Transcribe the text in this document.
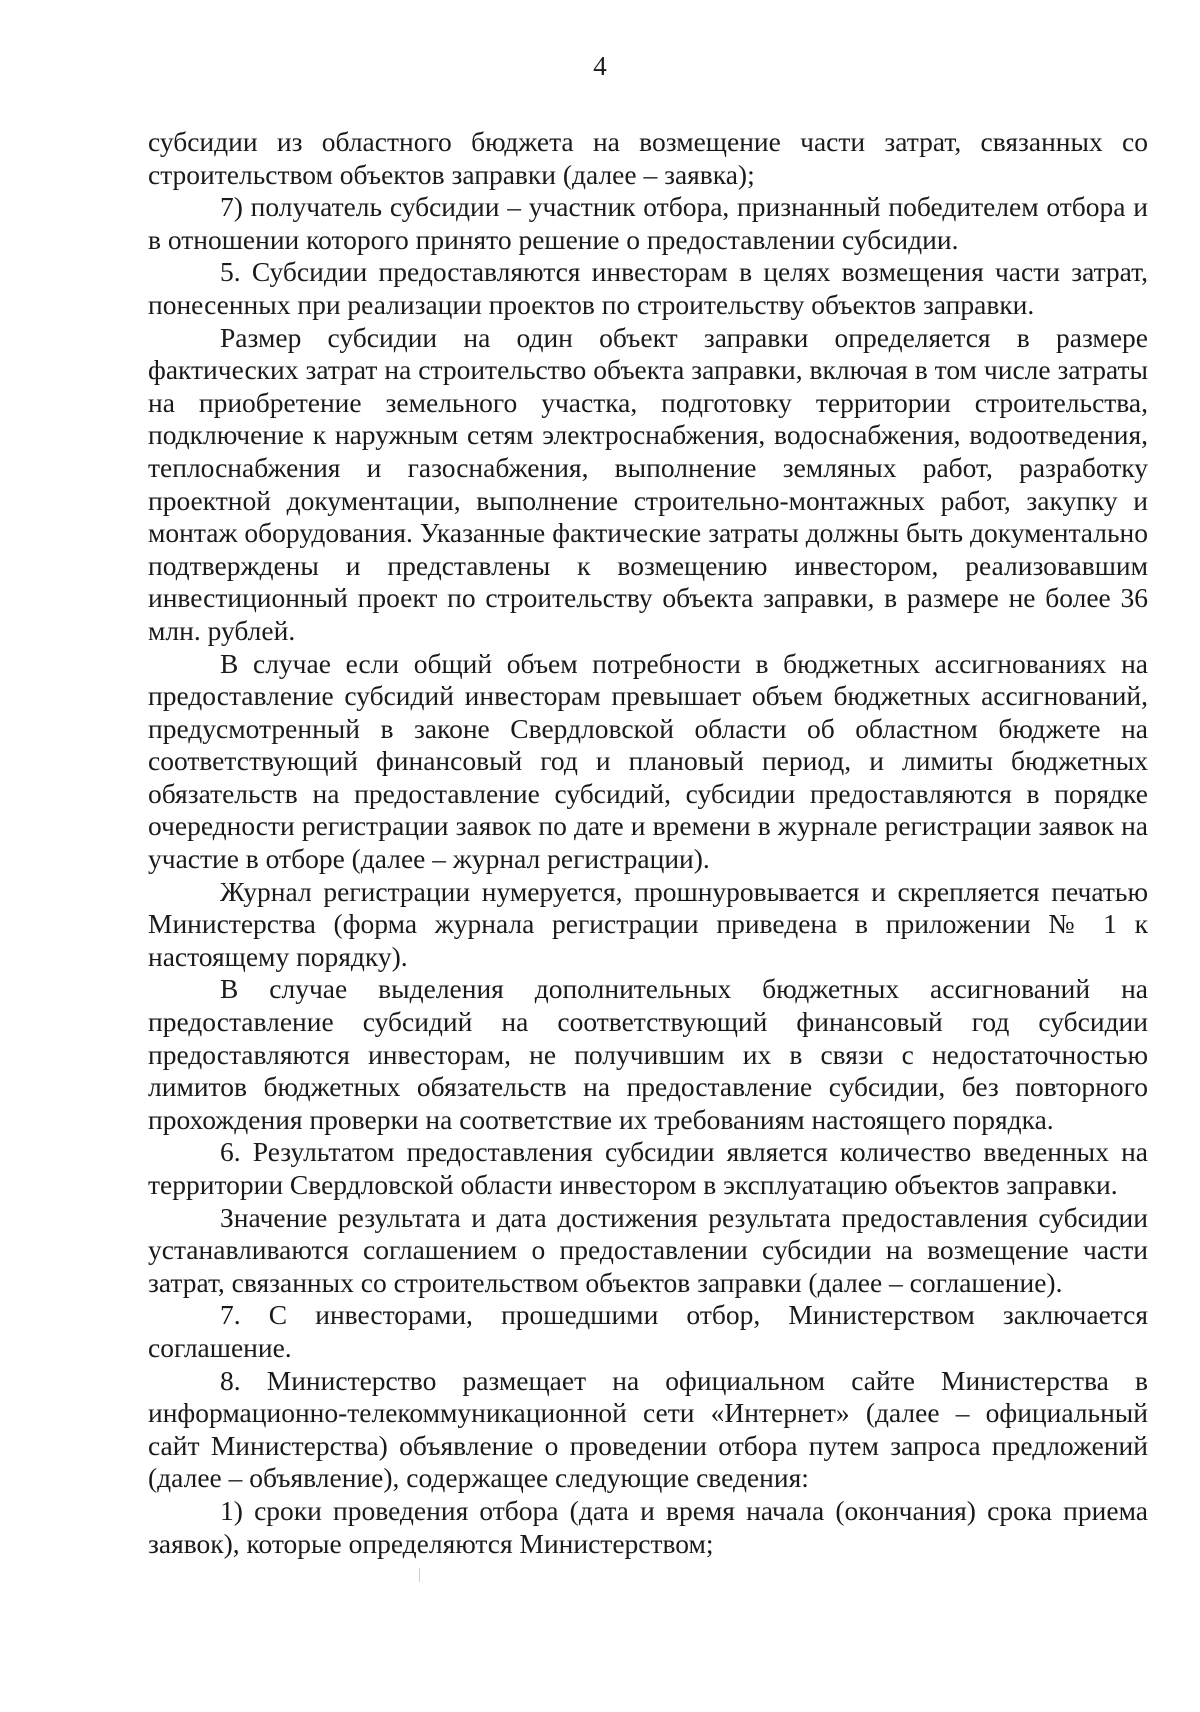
4

субсидии из областного бюджета на возмещение части затрат, связанных со строительством объектов заправки (далее – заявка);

7) получатель субсидии – участник отбора, признанный победителем отбора и в отношении которого принято решение о предоставлении субсидии.

5. Субсидии предоставляются инвесторам в целях возмещения части затрат, понесенных при реализации проектов по строительству объектов заправки.

Размер субсидии на один объект заправки определяется в размере фактических затрат на строительство объекта заправки, включая в том числе затраты на приобретение земельного участка, подготовку территории строительства, подключение к наружным сетям электроснабжения, водоснабжения, водоотведения, теплоснабжения и газоснабжения, выполнение земляных работ, разработку проектной документации, выполнение строительно-монтажных работ, закупку и монтаж оборудования. Указанные фактические затраты должны быть документально подтверждены и представлены к возмещению инвестором, реализовавшим инвестиционный проект по строительству объекта заправки, в размере не более 36 млн. рублей.

В случае если общий объем потребности в бюджетных ассигнованиях на предоставление субсидий инвесторам превышает объем бюджетных ассигнований, предусмотренный в законе Свердловской области об областном бюджете на соответствующий финансовый год и плановый период, и лимиты бюджетных обязательств на предоставление субсидий, субсидии предоставляются в порядке очередности регистрации заявок по дате и времени в журнале регистрации заявок на участие в отборе (далее – журнал регистрации).

Журнал регистрации нумеруется, прошнуровывается и скрепляется печатью Министерства (форма журнала регистрации приведена в приложении № 1 к настоящему порядку).

В случае выделения дополнительных бюджетных ассигнований на предоставление субсидий на соответствующий финансовый год субсидии предоставляются инвесторам, не получившим их в связи с недостаточностью лимитов бюджетных обязательств на предоставление субсидии, без повторного прохождения проверки на соответствие их требованиям настоящего порядка.

6. Результатом предоставления субсидии является количество введенных на территории Свердловской области инвестором в эксплуатацию объектов заправки.

Значение результата и дата достижения результата предоставления субсидии устанавливаются соглашением о предоставлении субсидии на возмещение части затрат, связанных со строительством объектов заправки (далее – соглашение).

7. С инвесторами, прошедшими отбор, Министерством заключается соглашение.

8. Министерство размещает на официальном сайте Министерства в информационно-телекоммуникационной сети «Интернет» (далее – официальный сайт Министерства) объявление о проведении отбора путем запроса предложений (далее – объявление), содержащее следующие сведения:

1) сроки проведения отбора (дата и время начала (окончания) срока приема заявок), которые определяются Министерством;
